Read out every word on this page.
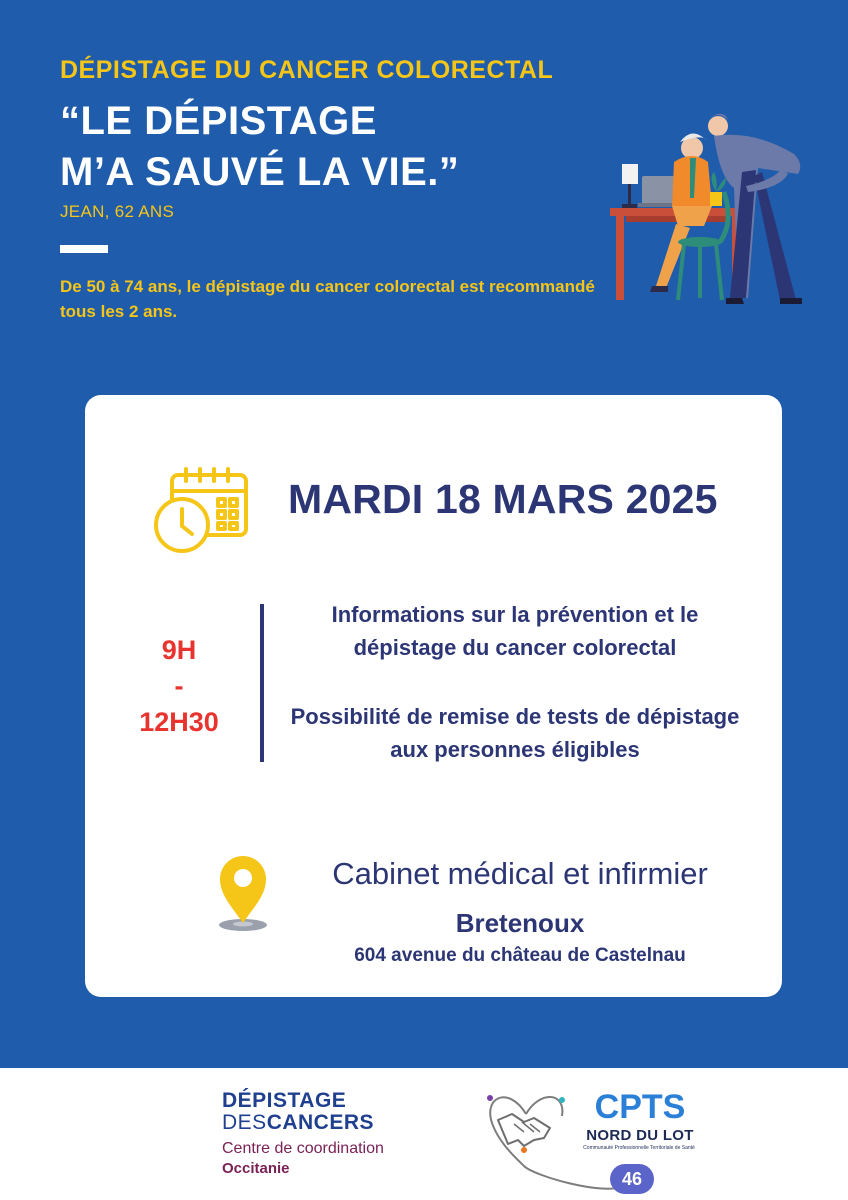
DÉPISTAGE DU CANCER COLORECTAL
“LE DÉPISTAGE
M’A SAUVÉ LA VIE.”
JEAN, 62 ANS
De 50 à 74 ans, le dépistage du cancer colorectal est recommandé tous les 2 ans.
MARDI 18 MARS 2025
9H
-
12H30
Informations sur la prévention et le dépistage du cancer colorectal
Possibilité de remise de tests de dépistage aux personnes éligibles
Cabinet médical et infirmier
Bretenoux
604 avenue du château de Castelnau
DÉPISTAGE
DESCANCERS
Centre de coordination
Occitanie
CPTS
NORD DU LOT
Communauté Professionnelle Territoriale de Santé
46
